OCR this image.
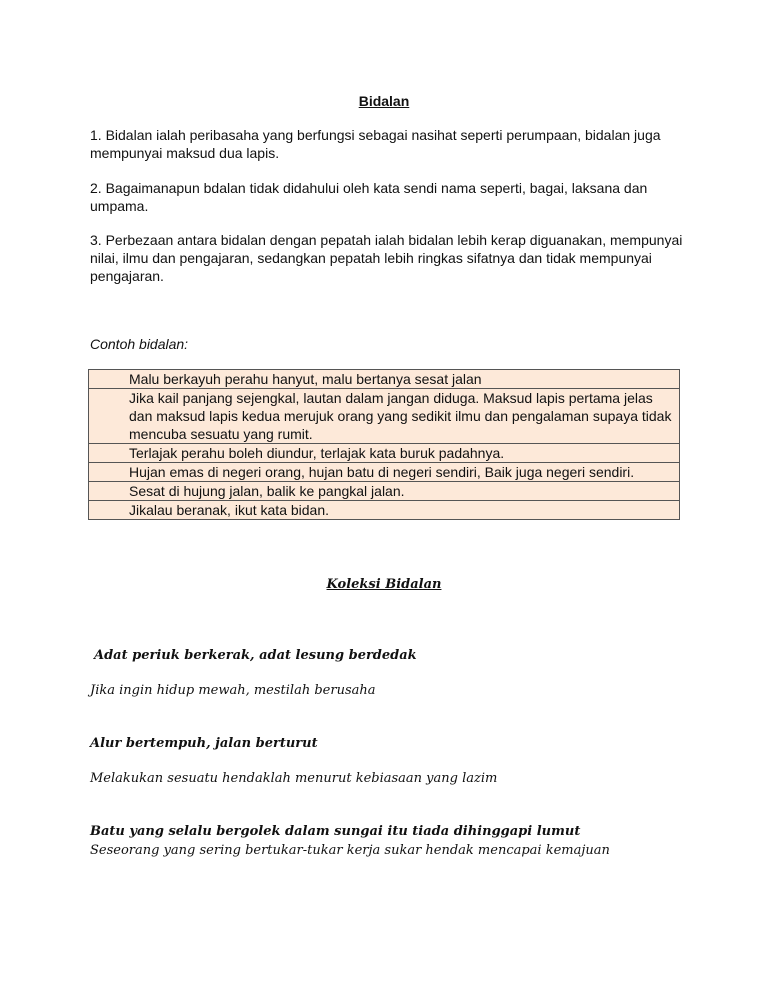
Bidalan
1. Bidalan ialah peribasaha yang berfungsi sebagai nasihat seperti perumpaan, bidalan juga mempunyai maksud dua lapis.
2. Bagaimanapun bdalan tidak didahului oleh kata sendi nama seperti, bagai, laksana dan umpama.
3. Perbezaan antara bidalan dengan pepatah ialah bidalan lebih kerap diguanakan, mempunyai nilai, ilmu dan pengajaran, sedangkan pepatah lebih ringkas sifatnya dan tidak mempunyai pengajaran.
Contoh bidalan:
Malu berkayuh perahu hanyut, malu bertanya sesat jalan
Jika kail panjang sejengkal, lautan dalam jangan diduga. Maksud lapis pertama jelas dan maksud lapis kedua merujuk orang yang sedikit ilmu dan pengalaman supaya tidak mencuba sesuatu yang rumit.
Terlajak perahu boleh diundur, terlajak kata buruk padahnya.
Hujan emas di negeri orang, hujan batu di negeri sendiri, Baik juga negeri sendiri.
Sesat di hujung jalan, balik ke pangkal jalan.
Jikalau beranak, ikut kata bidan.
Koleksi Bidalan
Adat periuk berkerak, adat lesung berdedak
Jika ingin hidup mewah, mestilah berusaha
Alur bertempuh, jalan berturut
Melakukan sesuatu hendaklah menurut kebiasaan yang lazim
Batu yang selalu bergolek dalam sungai itu tiada dihinggapi lumut
Seseorang yang sering bertukar-tukar kerja sukar hendak mencapai kemajuan
